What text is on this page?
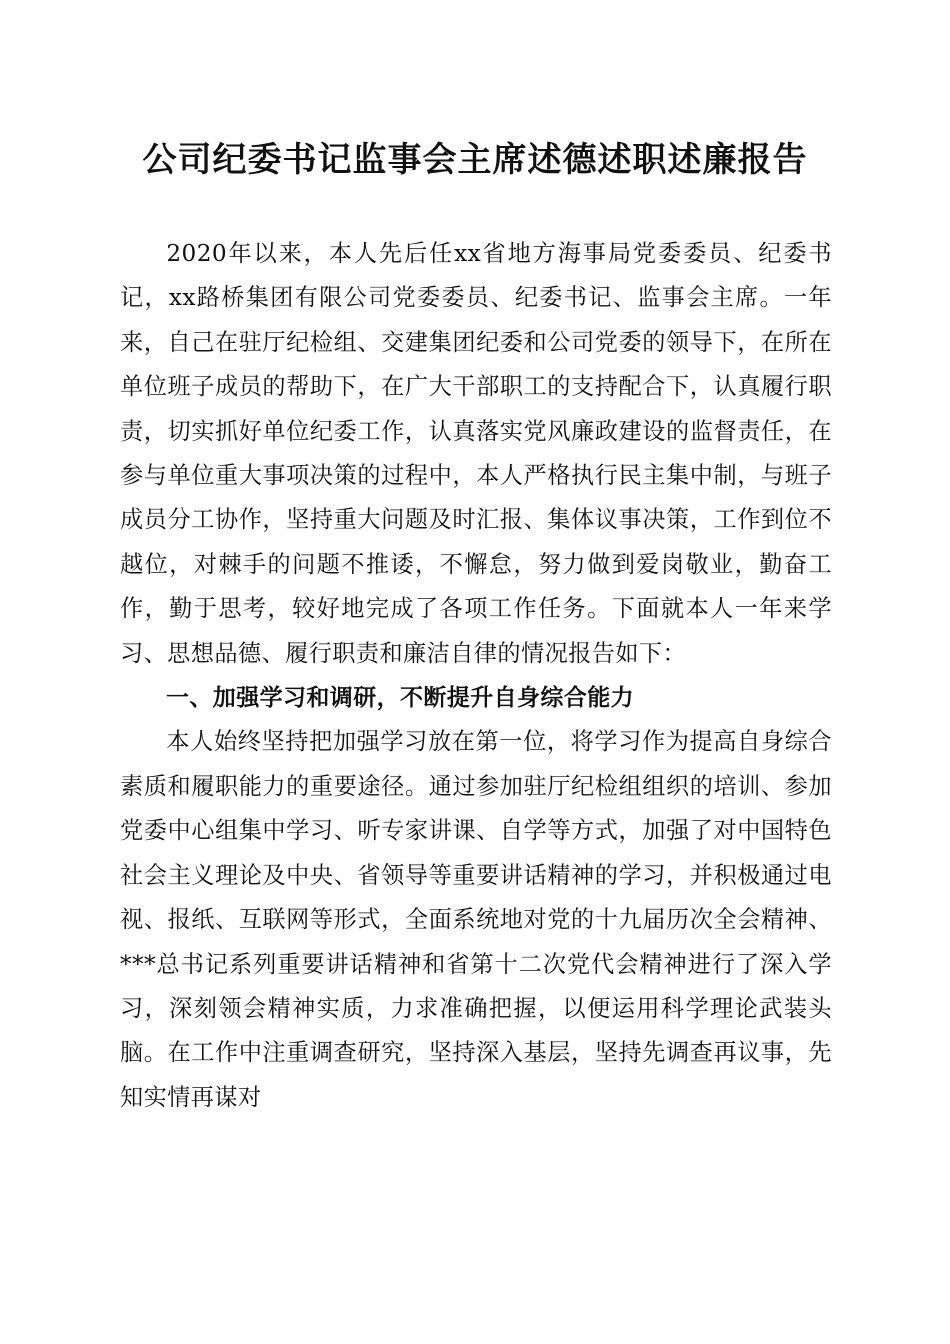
公司纪委书记监事会主席述德述职述廉报告

2020年以来，本人先后任xx省地方海事局党委委员、纪委书记，xx路桥集团有限公司党委委员、纪委书记、监事会主席。一年来，自己在驻厅纪检组、交建集团纪委和公司党委的领导下，在所在单位班子成员的帮助下，在广大干部职工的支持配合下，认真履行职责，切实抓好单位纪委工作，认真落实党风廉政建设的监督责任，在参与单位重大事项决策的过程中，本人严格执行民主集中制，与班子成员分工协作，坚持重大问题及时汇报、集体议事决策，工作到位不越位，对棘手的问题不推诿，不懈怠，努力做到爱岗敬业，勤奋工作，勤于思考，较好地完成了各项工作任务。下面就本人一年来学习、思想品德、履行职责和廉洁自律的情况报告如下：

一、加强学习和调研，不断提升自身综合能力

本人始终坚持把加强学习放在第一位，将学习作为提高自身综合素质和履职能力的重要途径。通过参加驻厅纪检组组织的培训、参加党委中心组集中学习、听专家讲课、自学等方式，加强了对中国特色社会主义理论及中央、省领导等重要讲话精神的学习，并积极通过电视、报纸、互联网等形式，全面系统地对党的十九届历次全会精神、***总书记系列重要讲话精神和省第十二次党代会精神进行了深入学习，深刻领会精神实质，力求准确把握，以便运用科学理论武装头脑。在工作中注重调查研究，坚持深入基层，坚持先调查再议事，先知实情再谋对
